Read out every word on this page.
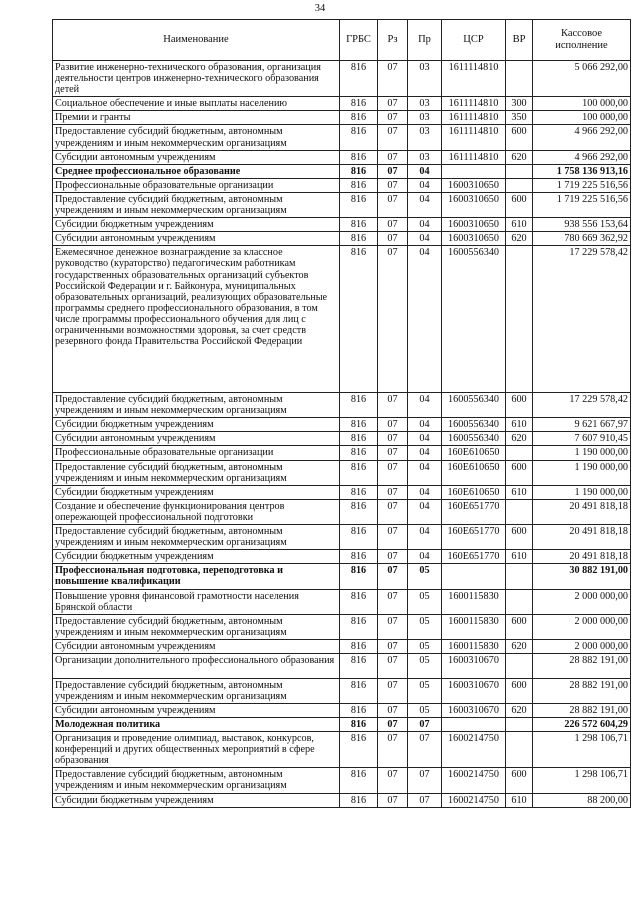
34
Наименование	ГРБС	Рз	Пр	ЦСР	ВР	Кассовое исполнение
Развитие инженерно-технического образования, организация деятельности центров инженерно-технического образования детей	816	07	03	1611114810		5 066 292,00
Социальное обеспечение и иные выплаты населению	816	07	03	1611114810	300	100 000,00
Премии и гранты	816	07	03	1611114810	350	100 000,00
Предоставление субсидий бюджетным, автономным учреждениям и иным некоммерческим организациям	816	07	03	1611114810	600	4 966 292,00
Субсидии автономным учреждениям	816	07	03	1611114810	620	4 966 292,00
Среднее профессиональное образование	816	07	04			1 758 136 913,16
Профессиональные образовательные организации	816	07	04	1600310650		1 719 225 516,56
Предоставление субсидий бюджетным, автономным учреждениям и иным некоммерческим организациям	816	07	04	1600310650	600	1 719 225 516,56
Субсидии бюджетным учреждениям	816	07	04	1600310650	610	938 556 153,64
Субсидии автономным учреждениям	816	07	04	1600310650	620	780 669 362,92
Ежемесячное денежное вознаграждение за классное руководство (кураторство) педагогическим работникам государственных образовательных организаций субъектов Российской Федерации и г. Байконура, муниципальных образовательных организаций, реализующих образовательные программы среднего профессионального образования, в том числе программы профессионального обучения для лиц с ограниченными возможностями здоровья, за счет средств резервного фонда Правительства Российской Федерации	816	07	04	1600556340		17 229 578,42
Предоставление субсидий бюджетным, автономным учреждениям и иным некоммерческим организациям	816	07	04	1600556340	600	17 229 578,42
Субсидии бюджетным учреждениям	816	07	04	1600556340	610	9 621 667,97
Субсидии автономным учреждениям	816	07	04	1600556340	620	7 607 910,45
Профессиональные образовательные организации	816	07	04	160Е610650		1 190 000,00
Предоставление субсидий бюджетным, автономным учреждениям и иным некоммерческим организациям	816	07	04	160Е610650	600	1 190 000,00
Субсидии бюджетным учреждениям	816	07	04	160Е610650	610	1 190 000,00
Создание и обеспечение функционирования центров опережающей профессиональной подготовки	816	07	04	160Е651770		20 491 818,18
Предоставление субсидий бюджетным, автономным учреждениям и иным некоммерческим организациям	816	07	04	160Е651770	600	20 491 818,18
Субсидии бюджетным учреждениям	816	07	04	160Е651770	610	20 491 818,18
Профессиональная подготовка, переподготовка и повышение квалификации	816	07	05			30 882 191,00
Повышение уровня финансовой грамотности населения Брянской области	816	07	05	1600115830		2 000 000,00
Предоставление субсидий бюджетным, автономным учреждениям и иным некоммерческим организациям	816	07	05	1600115830	600	2 000 000,00
Субсидии автономным учреждениям	816	07	05	1600115830	620	2 000 000,00
Организации дополнительного профессионального образования	816	07	05	1600310670		28 882 191,00
Предоставление субсидий бюджетным, автономным учреждениям и иным некоммерческим организациям	816	07	05	1600310670	600	28 882 191,00
Субсидии автономным учреждениям	816	07	05	1600310670	620	28 882 191,00
Молодежная политика	816	07	07			226 572 604,29
Организация и проведение олимпиад, выставок, конкурсов, конференций и других общественных мероприятий в сфере образования	816	07	07	1600214750		1 298 106,71
Предоставление субсидий бюджетным, автономным учреждениям и иным некоммерческим организациям	816	07	07	1600214750	600	1 298 106,71
Субсидии бюджетным учреждениям	816	07	07	1600214750	610	88 200,00
